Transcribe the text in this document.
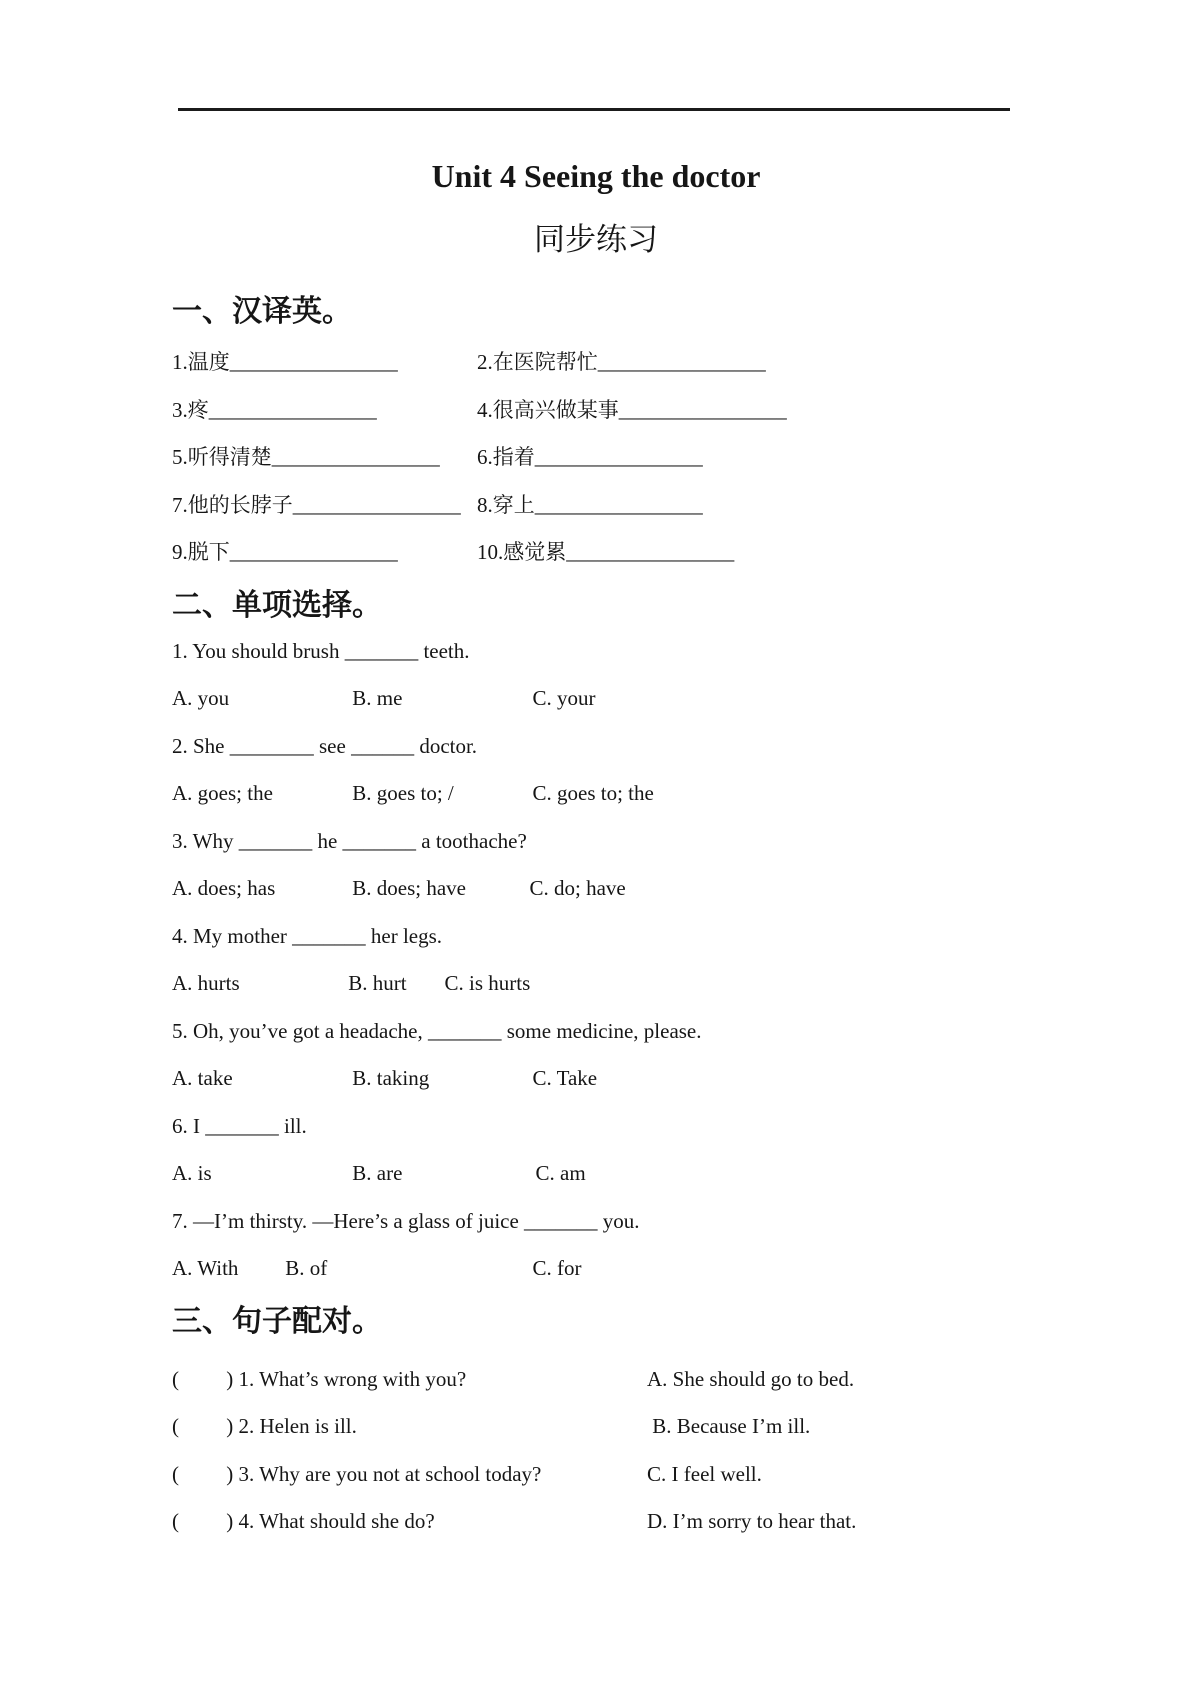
Unit 4 Seeing the doctor
同步练习
一、汉译英。
1.温度________________	2.在医院帮忙________________
3.疼________________	4.很高兴做某事________________
5.听得清楚________________	6.指着________________
7.他的长脖子________________ 8.穿上________________
9.脱下________________	10.感觉累________________
二、单项选择。
1. You should brush _______ teeth.
A. you	B. me	C. your
2. She ________ see ______ doctor.
A. goes; the	B. goes to; /	C. goes to; the
3. Why _______ he _______ a toothache?
A. does; has	B. does; have	C. do; have
4. My mother _______ her legs.
A. hurts	B. hurt C. is hurts
5. Oh, you’ve got a headache, _______ some medicine, please.
A. take	B. taking	C. Take
6. I _______ ill.
A. is	B. are	C. am
7. —I’m thirsty. —Here’s a glass of juice _______ you.
A. With B. of	C. for
三、句子配对。
(         ) 1. What’s wrong with you?	A. She should go to bed.
(         ) 2. Helen is ill.	B. Because I’m ill.
(         ) 3. Why are you not at school today?	C. I feel well.
(         ) 4. What should she do?	D. I’m sorry to hear that.
